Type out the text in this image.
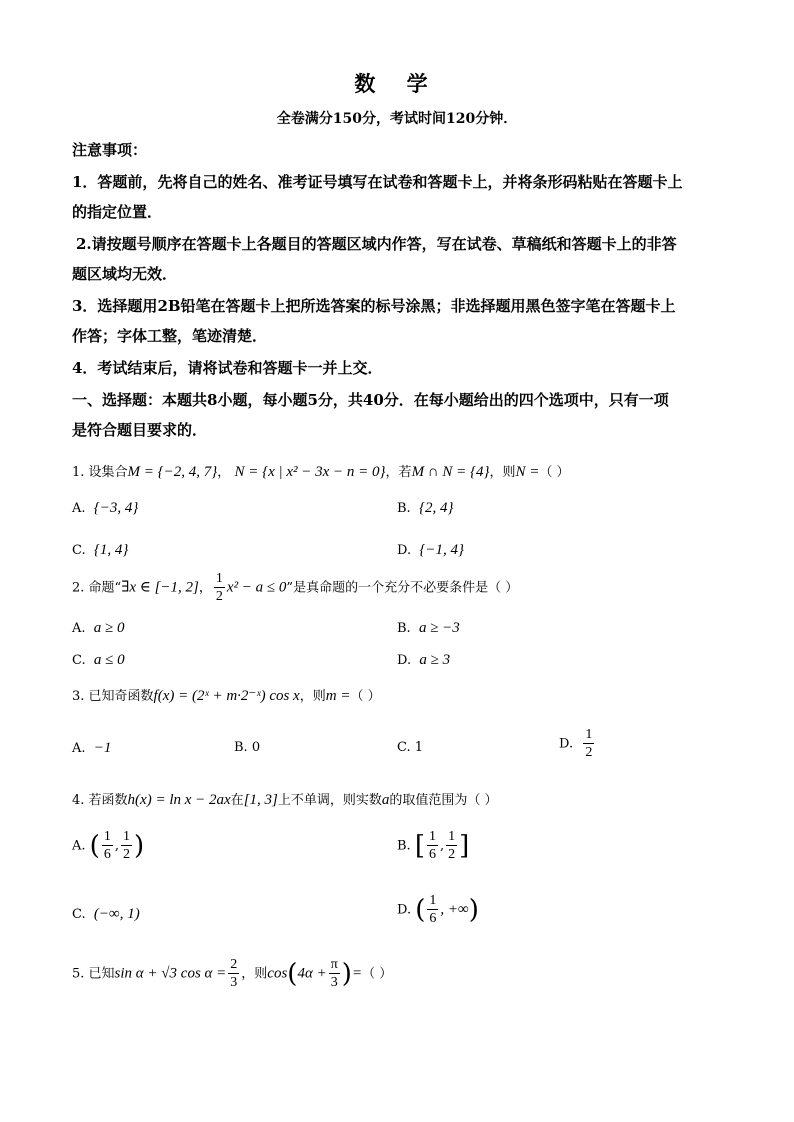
数 学
全卷满分150分，考试时间120分钟．
注意事项：
1．答题前，先将自己的姓名、准考证号填写在试卷和答题卡上，并将条形码粘贴在答题卡上
的指定位置．
2.请按题号顺序在答题卡上各题目的答题区域内作答，写在试卷、草稿纸和答题卡上的非答
题区域均无效．
3．选择题用2B铅笔在答题卡上把所选答案的标号涂黑；非选择题用黑色签字笔在答题卡上
作答；字体工整，笔迹清楚．
4．考试结束后，请将试卷和答题卡一并上交．
一、选择题：本题共8小题，每小题5分，共40分．在每小题给出的四个选项中，只有一项
是符合题目要求的．
1. 设集合M = {−2, 4, 7}， N = {x | x² − 3x − n = 0}，若M ∩ N = {4}，则N =（ ）
A. {−3, 4}	B. {2, 4}
C. {1, 4}	D. {−1, 4}
2. 命题“∃x ∈ [−1, 2]， $\frac{1}{2} x^2 - a \le 0$”是真命题的一个充分不必要条件是（ ）
A. a ≥ 0	B. a ≥ −3
C. a ≤ 0	D. a ≥ 3
3. 已知奇函数f(x) = (2ˣ + m·2⁻ˣ) cos x，则m =（ ）
A. −1	B. 0	C. 1	D. $\frac{1}{2}$
4. 若函数h(x) = ln x − 2ax在[1, 3]上不单调，则实数a的取值范围为（ ）
A. ( $\frac{1}{6}$ , $\frac{1}{2}$ )	B. [ $\frac{1}{6}$ , $\frac{1}{2}$ ]
C. (−∞, 1)	D. ( $\frac{1}{6}$ , +∞)
5. 已知sin α + √3 $\cos \alpha = \frac{2}{3}$ ，则$\cos(4\alpha + \frac{\pi}{3}$ )=（ ）
